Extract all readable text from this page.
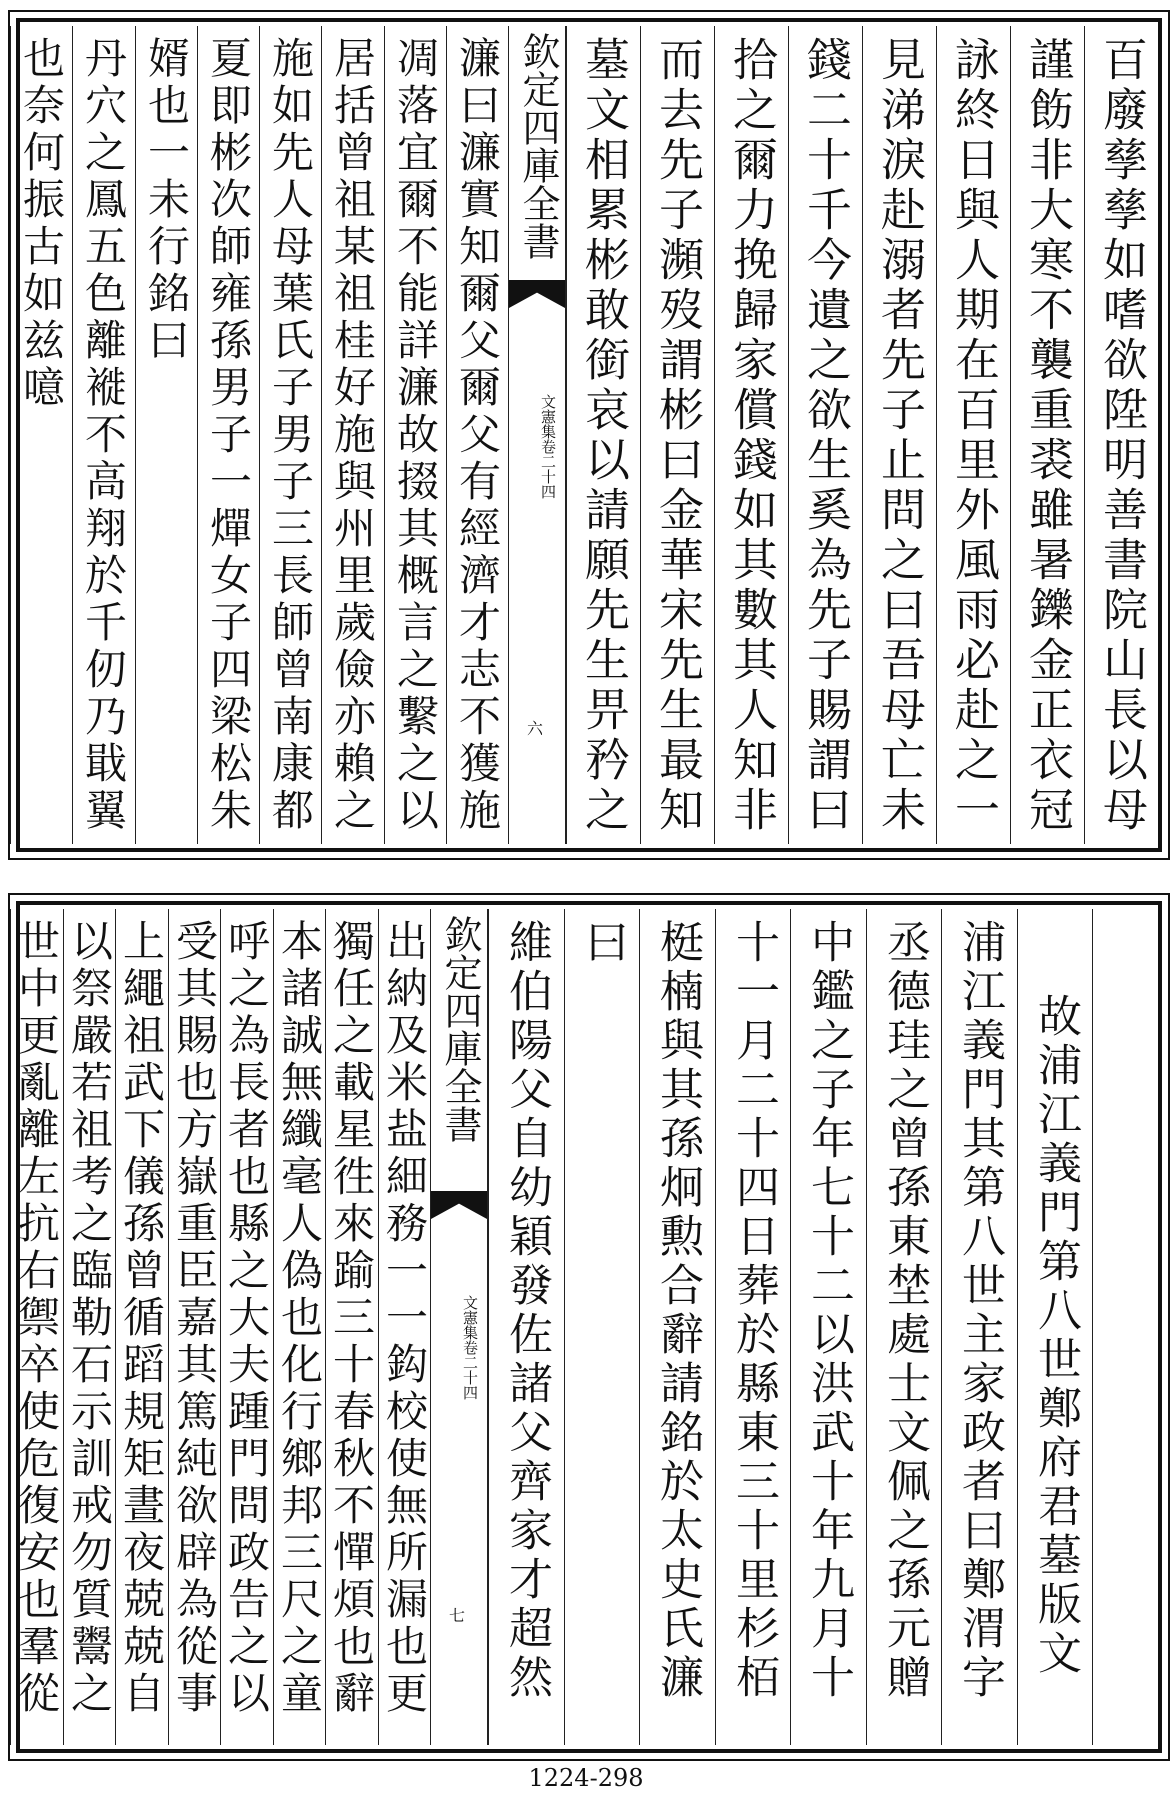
百廢孳孳如嗜欲陞明善書院山長以母
謹飭非大寒不襲重裘雖暑鑠金正衣冠
詠終日與人期在百里外風雨必赴之一
見涕淚赴溺者先子止問之曰吾母亡未
錢二十千今遺之欲生奚為先子賜謂曰
拾之爾力挽歸家償錢如其數其人知非
而去先子瀕歿謂彬曰金華宋先生最知
墓文相累彬敢銜哀以請願先生畀矜之
欽定四庫全書
文憲集卷二十四
六
濂曰濂實知爾父爾父有經濟才志不獲施
凋落宜爾不能詳濂故掇其概言之繫之以
居括曾祖某祖桂好施與州里歲儉亦賴之
施如先人母葉氏子男子三長師曾南康都
夏即彬次師雍孫男子一燀女子四梁松朱
婿也一未行銘曰
丹穴之鳳五色離褷不高翔於千仞乃戢翼
也奈何振古如兹噫
欽定四庫全書
文憲集卷二十四
七	故浦江義門第八世鄭府君墓版文
浦江義門其第八世主家政者曰鄭渭字
丞德珪之曾孫東埜處士文佩之孫元贈
中鑑之子年七十二以洪武十年九月十
十一月二十四日葬於縣東三十里杉栢
梃楠與其孫炯勲合辭請銘於太史氏濂
曰
維伯陽父自幼穎發佐諸父齊家才超然
出納及米盐細務一一鈎校使無所漏也更
獨任之載星徃來踰三十春秋不憚煩也辭
本諸誠無纖毫人偽也化行鄉邦三尺之童
呼之為長者也縣之大夫踵門問政告之以
受其賜也方嶽重臣嘉其篤純欲辟為從事
上繩祖武下儀孫曾循蹈規矩晝夜兢兢自
以祭嚴若祖考之臨勒石示訓戒勿質鬻之
世中更亂離左抗右禦卒使危復安也羣從
1224-298
